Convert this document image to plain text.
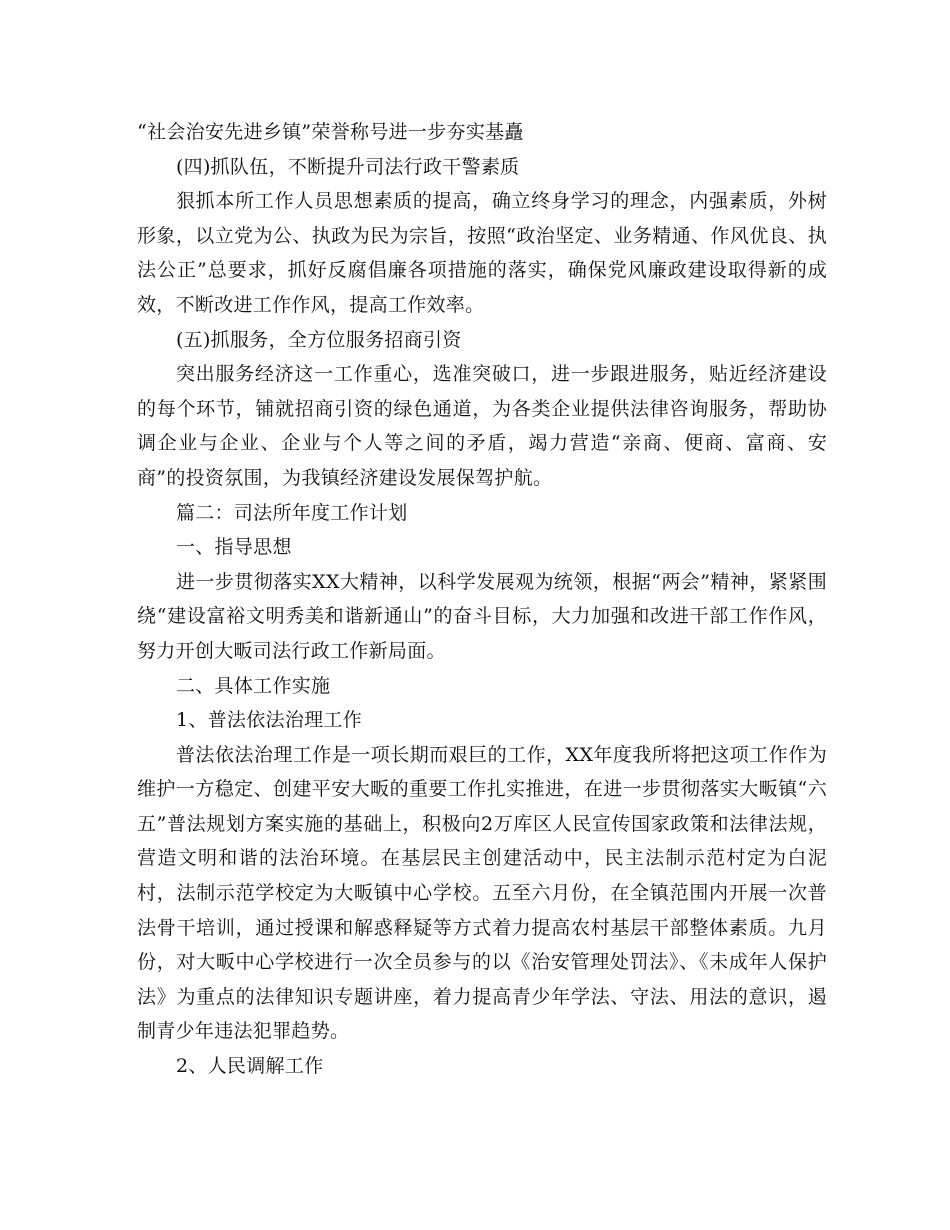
“社会治安先进乡镇”荣誉称号进一步夯实基矗

(四)抓队伍，不断提升司法行政干警素质

狠抓本所工作人员思想素质的提高，确立终身学习的理念，内强素质，外树形象，以立党为公、执政为民为宗旨，按照“政治坚定、业务精通、作风优良、执法公正”总要求，抓好反腐倡廉各项措施的落实，确保党风廉政建设取得新的成效，不断改进工作作风，提高工作效率。

(五)抓服务，全方位服务招商引资

突出服务经济这一工作重心，选准突破口，进一步跟进服务，贴近经济建设的每个环节，铺就招商引资的绿色通道，为各类企业提供法律咨询服务，帮助协调企业与企业、企业与个人等之间的矛盾，竭力营造“亲商、便商、富商、安商”的投资氛围，为我镇经济建设发展保驾护航。

篇二：司法所年度工作计划

一、指导思想

进一步贯彻落实XX大精神，以科学发展观为统领，根据“两会”精神，紧紧围绕“建设富裕文明秀美和谐新通山”的奋斗目标，大力加强和改进干部工作作风，努力开创大畈司法行政工作新局面。

二、具体工作实施

1、普法依法治理工作

普法依法治理工作是一项长期而艰巨的工作，XX年度我所将把这项工作作为维护一方稳定、创建平安大畈的重要工作扎实推进，在进一步贯彻落实大畈镇“六五”普法规划方案实施的基础上，积极向2万库区人民宣传国家政策和法律法规，营造文明和谐的法治环境。在基层民主创建活动中，民主法制示范村定为白泥村，法制示范学校定为大畈镇中心学校。五至六月份，在全镇范围内开展一次普法骨干培训，通过授课和解惑释疑等方式着力提高农村基层干部整体素质。九月份，对大畈中心学校进行一次全员参与的以《治安管理处罚法》、《未成年人保护法》为重点的法律知识专题讲座，着力提高青少年学法、守法、用法的意识，遏制青少年违法犯罪趋势。

2、人民调解工作
